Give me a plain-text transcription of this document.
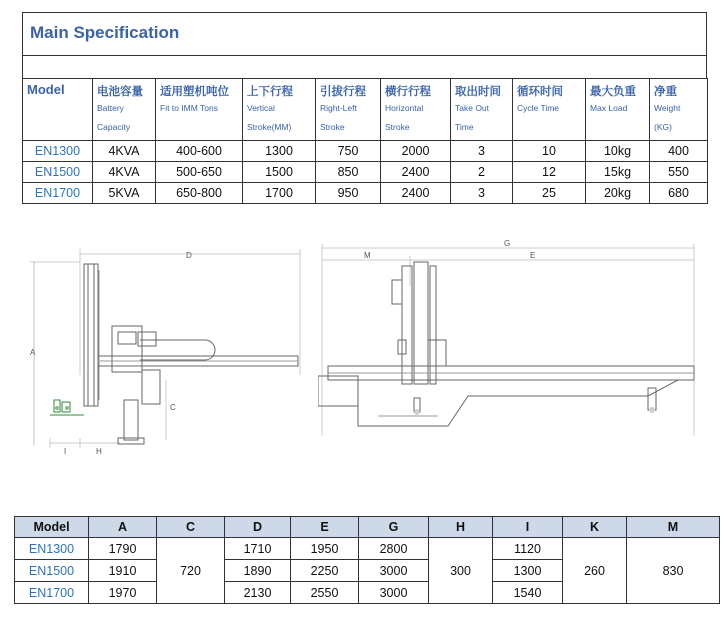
Main Specification
Model	电池容量
Battery
Capacity	适用塑机吨位
Fit to IMM Tons	上下行程
Vertical
Stroke(MM)	引拔行程
Right-Left
Stroke	横行行程
Horizontal
Stroke	取出时间
Take Out
Time	循环时间
Cycle Time	最大负重
Max Load	净重
Weight
(KG)

EN1300	4KVA	400-600	1300	750	2000	3	10	10kg	400
EN1500	4KVA	500-650	1500	850	2400	2	12	15kg	550
EN1700	5KVA	650-800	1700	950	2400	3	25	20kg	680
D
A
C
I	H
G
M	E
Model	A	C	D	E	G	H	I	K	M
EN1300	1790	720	1710	1950	2800	300	1120	260	830
EN1500	1910		1890	2250	3000		1300		
EN1700	1970		2130	2550	3000		1540		
